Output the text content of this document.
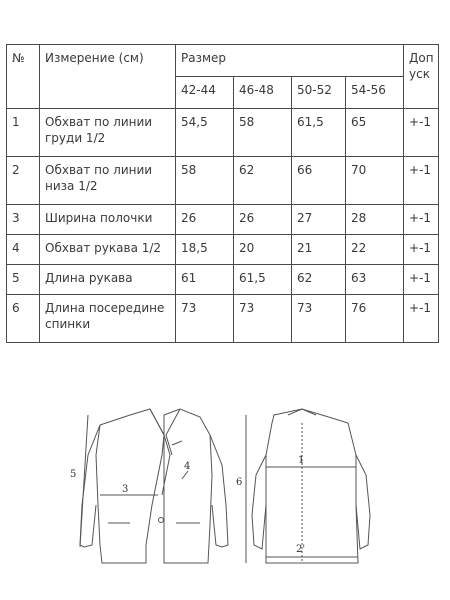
№	Измерение (см)	Размер				Доп уск
		42-44	46-48	50-52	54-56	
1	Обхват по линии груди 1/2	54,5	58	61,5	65	+-1
2	Обхват по линии низа 1/2	58	62	66	70	+-1
3	Ширина полочки	26	26	27	28	+-1
4	Обхват рукава 1/2	18,5	20	21	22	+-1
5	Длина рукава	61	61,5	62	63	+-1
6	Длина посередине спинки	73	73	73	76	+-1
5
3
4
6
1
2'
